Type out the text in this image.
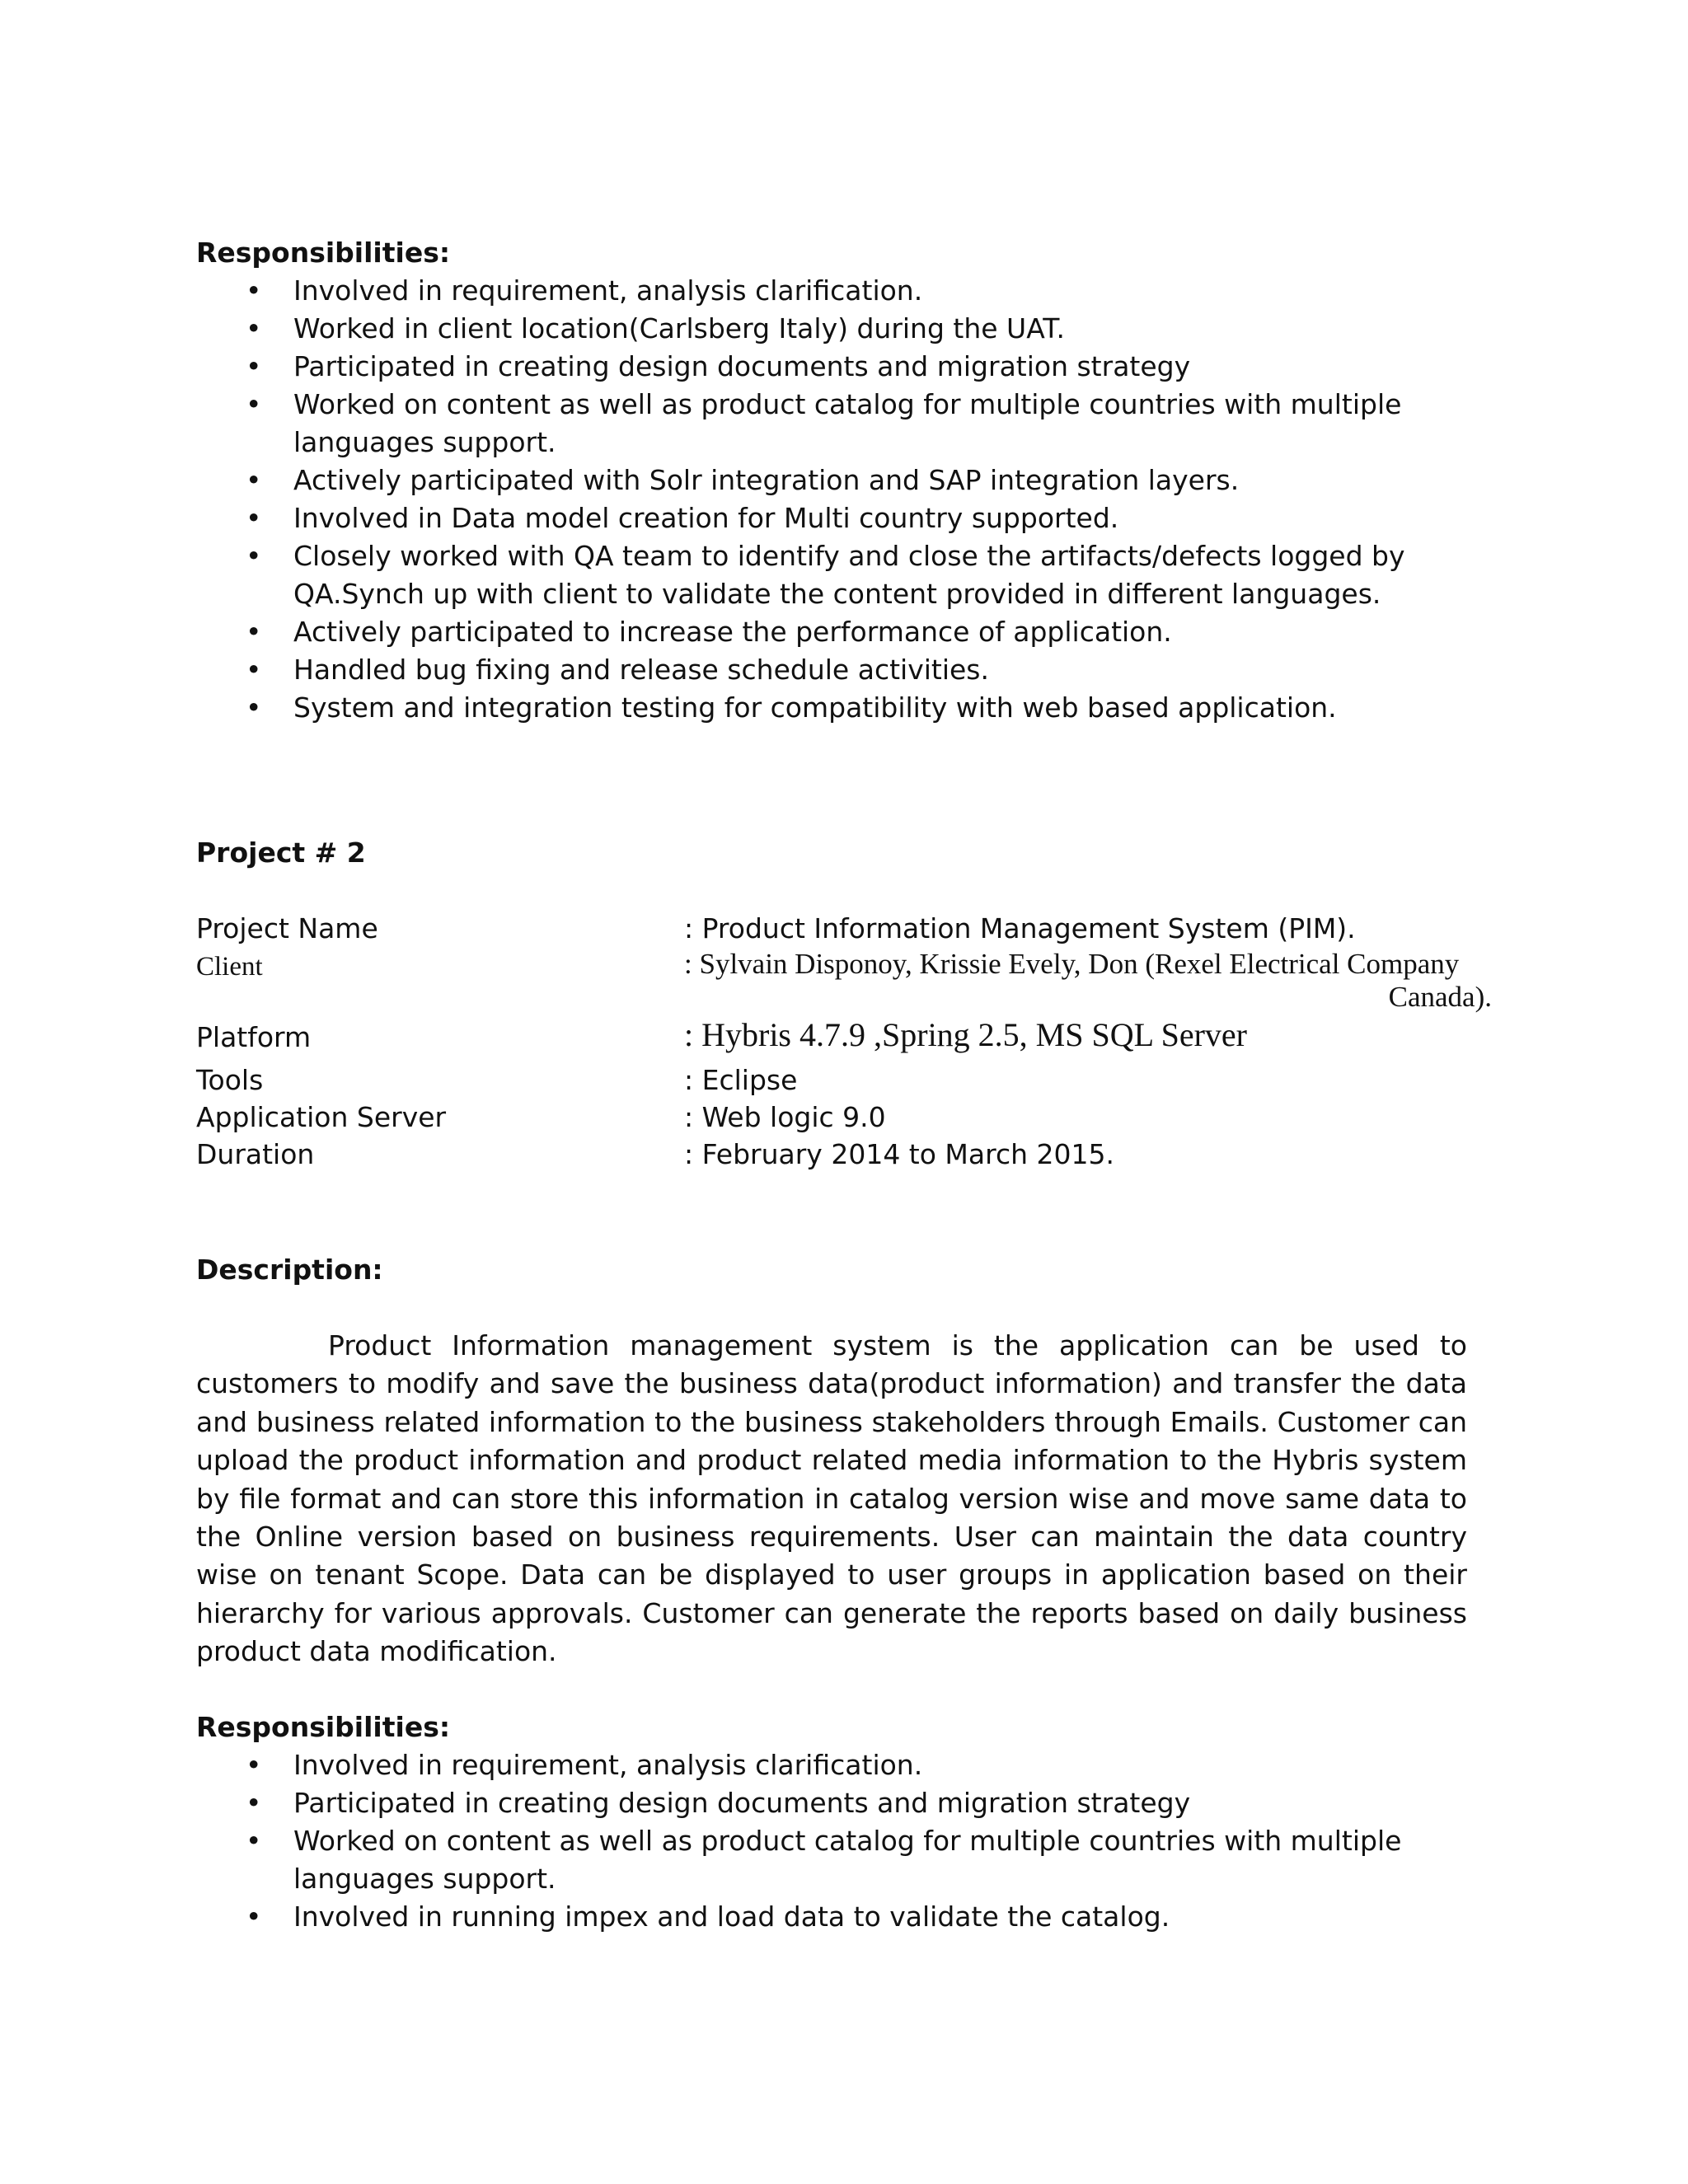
Responsibilities:
• Involved in requirement, analysis clarification.
• Worked in client location(Carlsberg Italy) during the UAT.
• Participated in creating design documents and migration strategy
• Worked on content as well as product catalog for multiple countries with multiple languages support.
• Actively participated with Solr integration and SAP integration layers.
• Involved in Data model creation for Multi country supported.
• Closely worked with QA team to identify and close the artifacts/defects logged by QA.Synch up with client to validate the content provided in different languages.
• Actively participated to increase the performance of application.
• Handled bug fixing and release schedule activities.
• System and integration testing for compatibility with web based application.
Project # 2
Project Name	: Product Information Management System (PIM).
Client	: Sylvain Disponoy, Krissie Evely, Don (Rexel Electrical Company
Canada).
Platform	: Hybris 4.7.9 ,Spring 2.5, MS SQL Server
Tools	: Eclipse
Application Server	: Web logic 9.0
Duration	: February 2014 to March 2015.
Description:

Product Information management system is the application can be used to customers to modify and save the business data(product information) and transfer the data and business related information to the business stakeholders through Emails. Customer can upload the product information and product related media information to the Hybris system by file format and can store this information in catalog version wise and move same data to the Online version based on business requirements. User can maintain the data country wise on tenant Scope. Data can be displayed to user groups in application based on their hierarchy for various approvals. Customer can generate the reports based on daily business product data modification.

Responsibilities:
• Involved in requirement, analysis clarification.
• Participated in creating design documents and migration strategy
• Worked on content as well as product catalog for multiple countries with multiple languages support.
• Involved in running impex and load data to validate the catalog.
